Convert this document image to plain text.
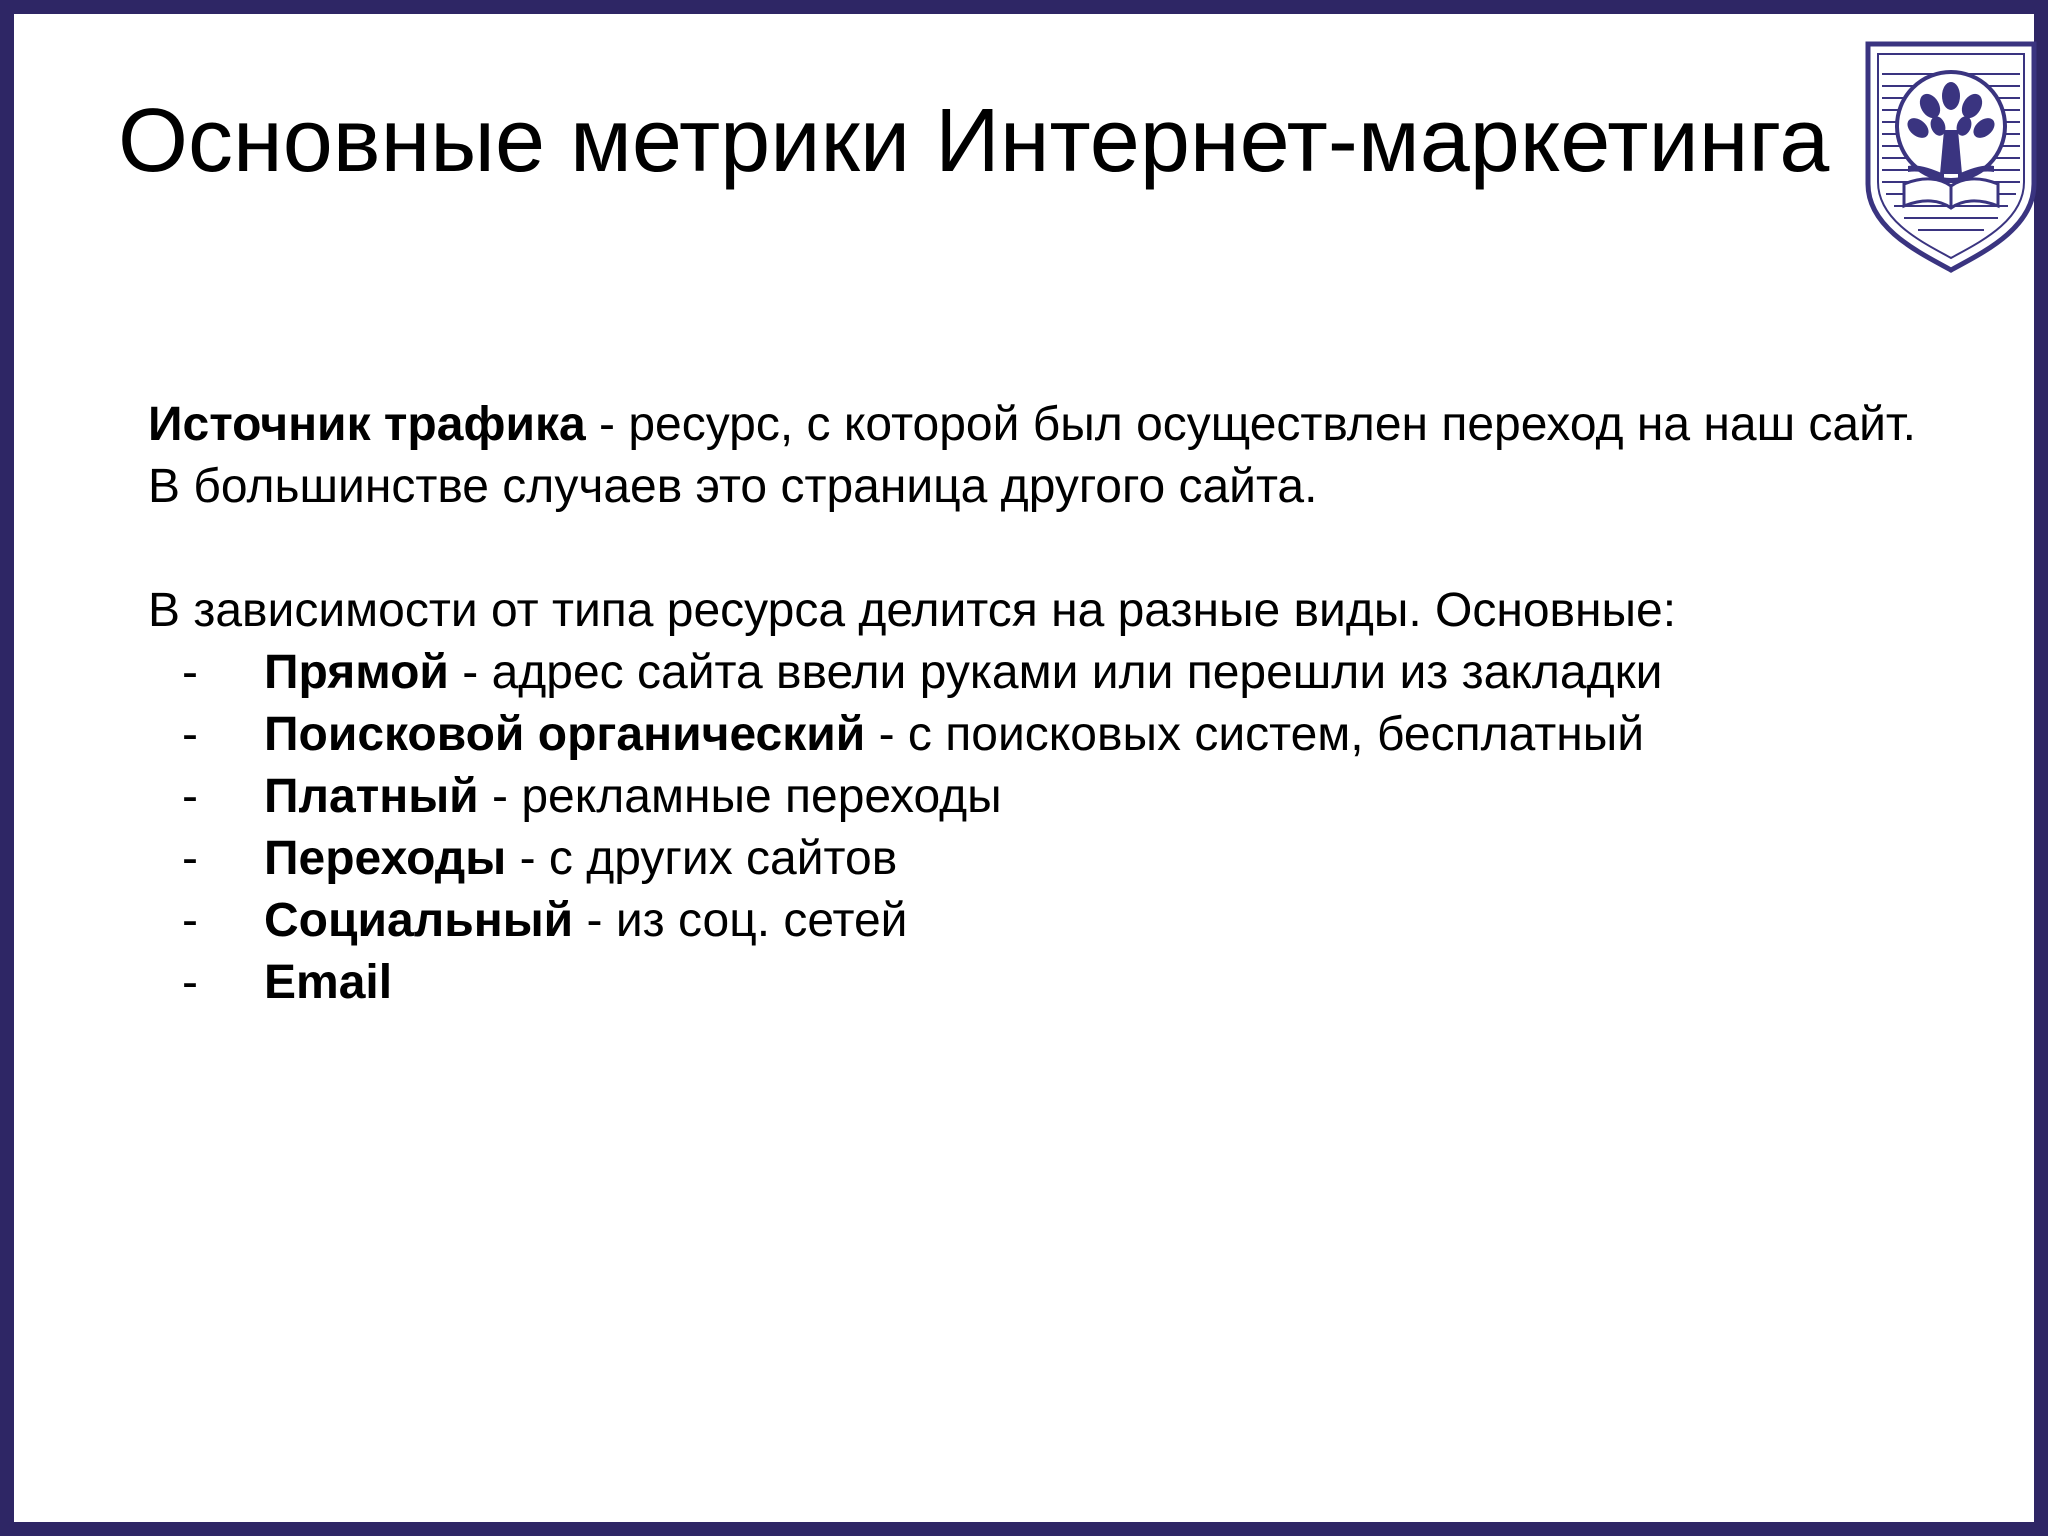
Основные метрики Интернет-маркетинга

Источник трафика - ресурс, с которой был осуществлен переход на наш сайт. В большинстве случаев это страница другого сайта.

В зависимости от типа ресурса делится на разные виды. Основные:

- Прямой - адрес сайта ввели руками или перешли из закладки
- Поисковой органический - с поисковых систем, бесплатный
- Платный - рекламные переходы
- Переходы - с других сайтов
- Социальный - из соц. сетей
- Email
